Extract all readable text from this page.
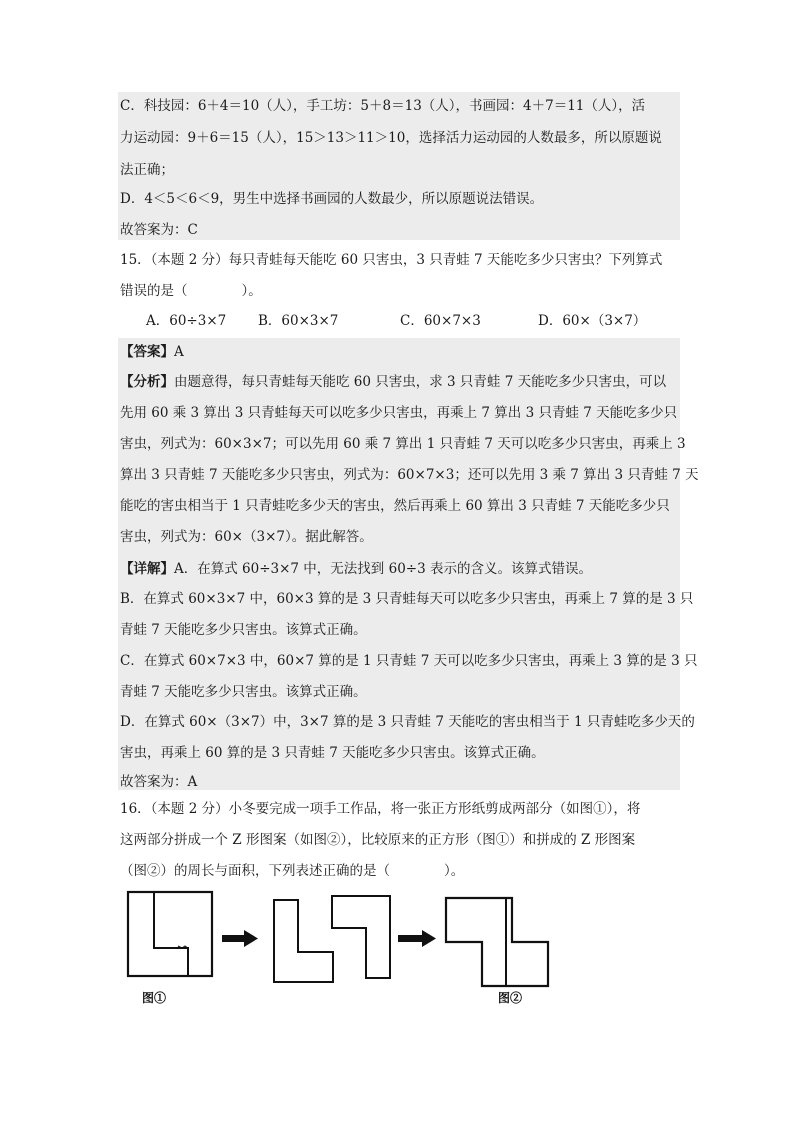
C．科技园：6＋4＝10（人），手工坊：5＋8＝13（人），书画园：4＋7＝11（人），活
力运动园：9＋6＝15（人），15＞13＞11＞10，选择活力运动园的人数最多，所以原题说
法正确；
D．4＜5＜6＜9，男生中选择书画园的人数最少，所以原题说法错误。
故答案为：C
15．（本题 2 分）每只青蛙每天能吃 60 只害虫，3 只青蛙 7 天能吃多少只害虫？下列算式
错误的是（　　　　）。
A．60÷3×7 B．60×3×7	C．60×7×3	D．60×（3×7）
【答案】A
【分析】由题意得，每只青蛙每天能吃 60 只害虫，求 3 只青蛙 7 天能吃多少只害虫，可以
先用 60 乘 3 算出 3 只青蛙每天可以吃多少只害虫，再乘上 7 算出 3 只青蛙 7 天能吃多少只
害虫，列式为：60×3×7；可以先用 60 乘 7 算出 1 只青蛙 7 天可以吃多少只害虫，再乘上 3
算出 3 只青蛙 7 天能吃多少只害虫，列式为：60×7×3；还可以先用 3 乘 7 算出 3 只青蛙 7 天
能吃的害虫相当于 1 只青蛙吃多少天的害虫，然后再乘上 60 算出 3 只青蛙 7 天能吃多少只
害虫，列式为：60×（3×7）。据此解答。
【详解】A．在算式 60÷3×7 中，无法找到 60÷3 表示的含义。该算式错误。
B．在算式 60×3×7 中，60×3 算的是 3 只青蛙每天可以吃多少只害虫，再乘上 7 算的是 3 只
青蛙 7 天能吃多少只害虫。该算式正确。
C．在算式 60×7×3 中，60×7 算的是 1 只青蛙 7 天可以吃多少只害虫，再乘上 3 算的是 3 只
青蛙 7 天能吃多少只害虫。该算式正确。
D．在算式 60×（3×7）中，3×7 算的是 3 只青蛙 7 天能吃的害虫相当于 1 只青蛙吃多少天的
害虫，再乘上 60 算的是 3 只青蛙 7 天能吃多少只害虫。该算式正确。
故答案为：A
16．（本题 2 分）小冬要完成一项手工作品，将一张正方形纸剪成两部分（如图①），将
这两部分拼成一个 Z 形图案（如图②），比较原来的正方形（图①）和拼成的 Z 形图案
（图②）的周长与面积，下列表述正确的是（　　　　）。
图①	图②
